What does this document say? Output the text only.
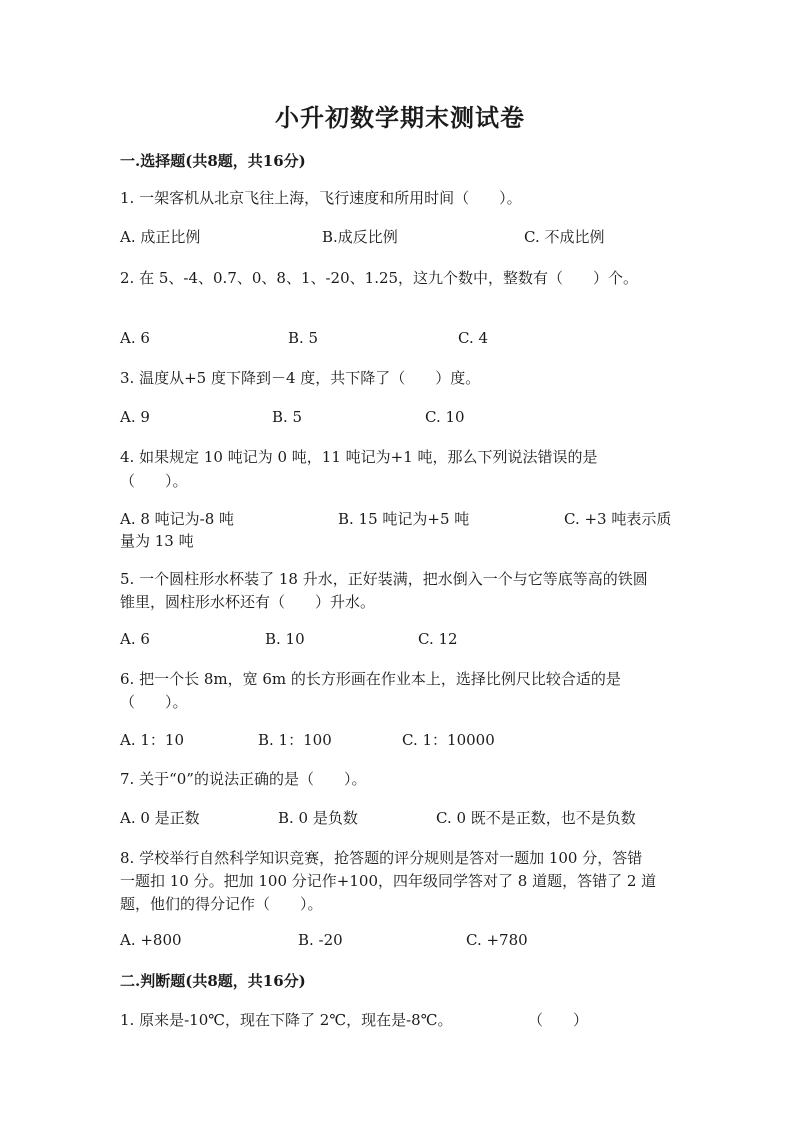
小升初数学期末测试卷
一.选择题(共8题，共16分)
1. 一架客机从北京飞往上海，飞行速度和所用时间（　　）。
A. 成正比例	B.成反比例	C. 不成比例
2. 在 5、-4、0.7、0、8、1、-20、1.25，这九个数中，整数有（　　）个。
A. 6	B. 5	C. 4
3. 温度从+5 度下降到－4 度，共下降了（　　）度。
A. 9	B. 5	C. 10
4. 如果规定 10 吨记为 0 吨，11 吨记为+1 吨，那么下列说法错误的是
（　　）。
A. 8 吨记为-8 吨	B. 15 吨记为+5 吨	C. +3 吨表示质
量为 13 吨
5. 一个圆柱形水杯装了 18 升水，正好装满，把水倒入一个与它等底等高的铁圆
锥里，圆柱形水杯还有（　　）升水。
A. 6	B. 10	C. 12
6. 把一个长 8m，宽 6m 的长方形画在作业本上，选择比例尺比较合适的是
（　　）。
A. 1：10	B. 1：100	C. 1：10000
7. 关于“0”的说法正确的是（　　）。
A. 0 是正数	B. 0 是负数	C. 0 既不是正数，也不是负数
8. 学校举行自然科学知识竞赛，抢答题的评分规则是答对一题加 100 分，答错
一题扣 10 分。把加 100 分记作+100，四年级同学答对了 8 道题，答错了 2 道
题，他们的得分记作（　　）。
A. +800	B. -20	C. +780
二.判断题(共8题，共16分)
1. 原来是-10℃，现在下降了 2℃，现在是-8℃。	（　　）
